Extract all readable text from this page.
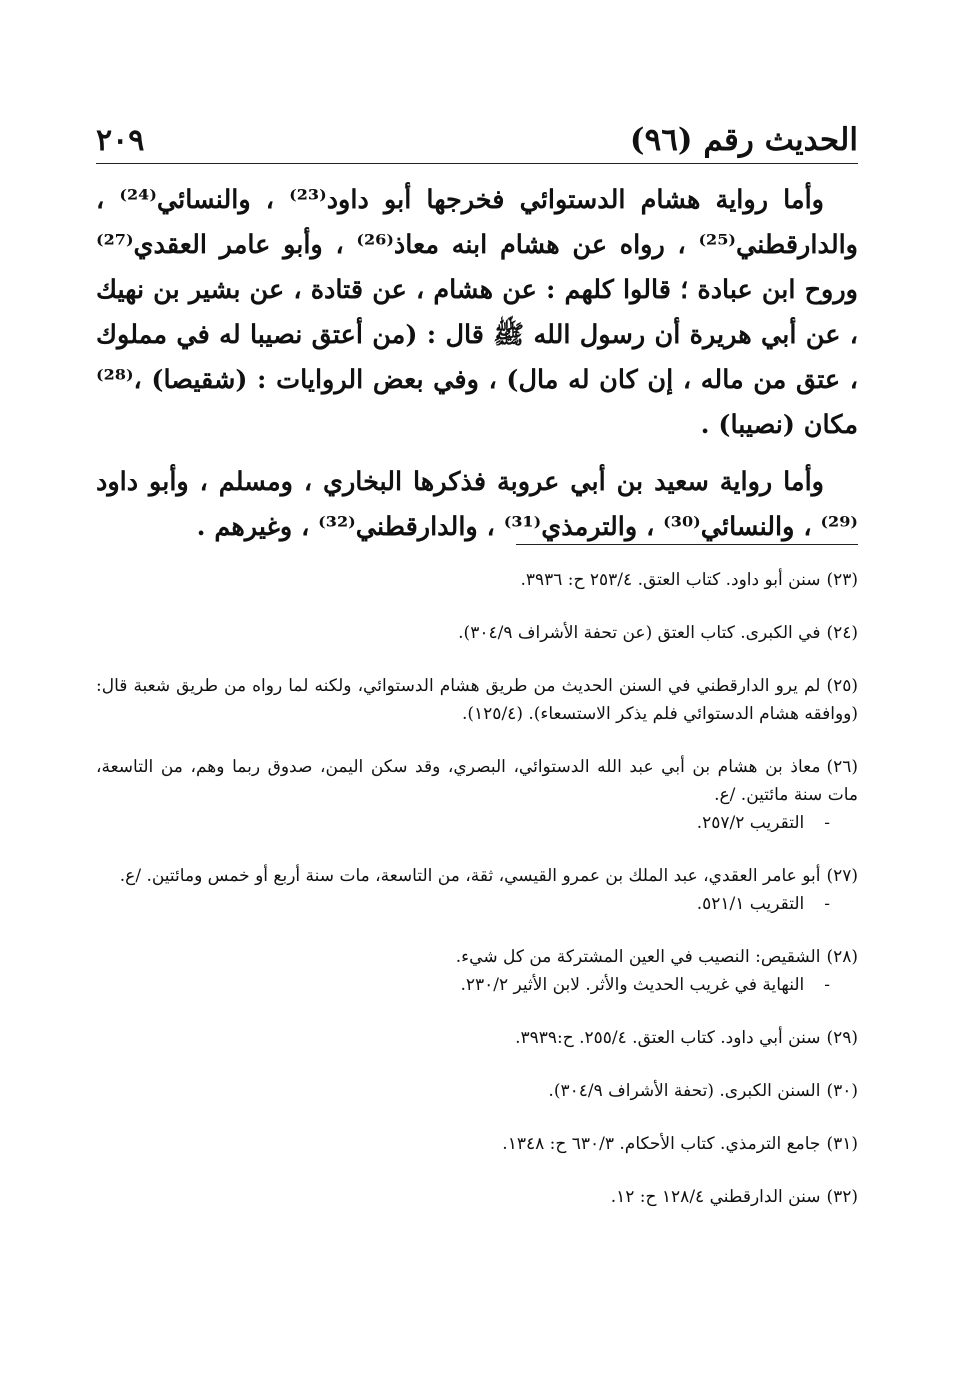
الحديث رقم (٩٦)
٢٠٩

وأما رواية هشام الدستوائي فخرجها أبو داود⁽²³⁾ ، والنسائي⁽²⁴⁾ ، والدارقطني⁽²⁵⁾ ، رواه عن هشام ابنه معاذ⁽²⁶⁾ ، وأبو عامر العقدي⁽²⁷⁾ وروح ابن عبادة ؛ قالوا كلهم : عن هشام ، عن قتادة ، عن بشير بن نهيك ، عن أبي هريرة أن رسول الله ﷺ قال : (من أعتق نصيبا له في مملوك ، عتق من ماله ، إن كان له مال) ، وفي بعض الروايات : (شقيصا) ،⁽²⁸⁾ مكان (نصيبا) .

وأما رواية سعيد بن أبي عروبة فذكرها البخاري ، ومسلم ، وأبو داود ⁽²⁹⁾ ، والنسائي⁽³⁰⁾ ، والترمذي⁽³¹⁾ ، والدارقطني⁽³²⁾ ، وغيرهم .

(٢٣)سنن أبو داود. كتاب العتق. ٢٥٣/٤ ح: ٣٩٣٦.
(٢٤)في الكبرى. كتاب العتق (عن تحفة الأشراف ٣٠٤/٩).
(٢٥)لم يرو الدارقطني في السنن الحديث من طريق هشام الدستوائي، ولكنه لما رواه من طريق شعبة قال: (ووافقه هشام الدستوائي فلم يذكر الاستسعاء). (١٢٥/٤).
(٢٦)معاذ بن هشام بن أبي عبد الله الدستوائي، البصري، وقد سكن اليمن، صدوق ربما وهم، من التاسعة، مات سنة مائتين. /ع.
-التقريب ٢٥٧/٢.
(٢٧)أبو عامر العقدي، عبد الملك بن عمرو القيسي، ثقة، من التاسعة، مات سنة أربع أو خمس ومائتين. /ع.
-التقريب ٥٢١/١.
(٢٨)الشقيص: النصيب في العين المشتركة من كل شيء.
-النهاية في غريب الحديث والأثر. لابن الأثير ٢٣٠/٢.
(٢٩)سنن أبي داود. كتاب العتق. ٢٥٥/٤. ح:٣٩٣٩.
(٣٠)السنن الكبرى. (تحفة الأشراف ٣٠٤/٩).
(٣١)جامع الترمذي. كتاب الأحكام. ٦٣٠/٣ ح: ١٣٤٨.
(٣٢)سنن الدارقطني ١٢٨/٤ ح: ١٢.
